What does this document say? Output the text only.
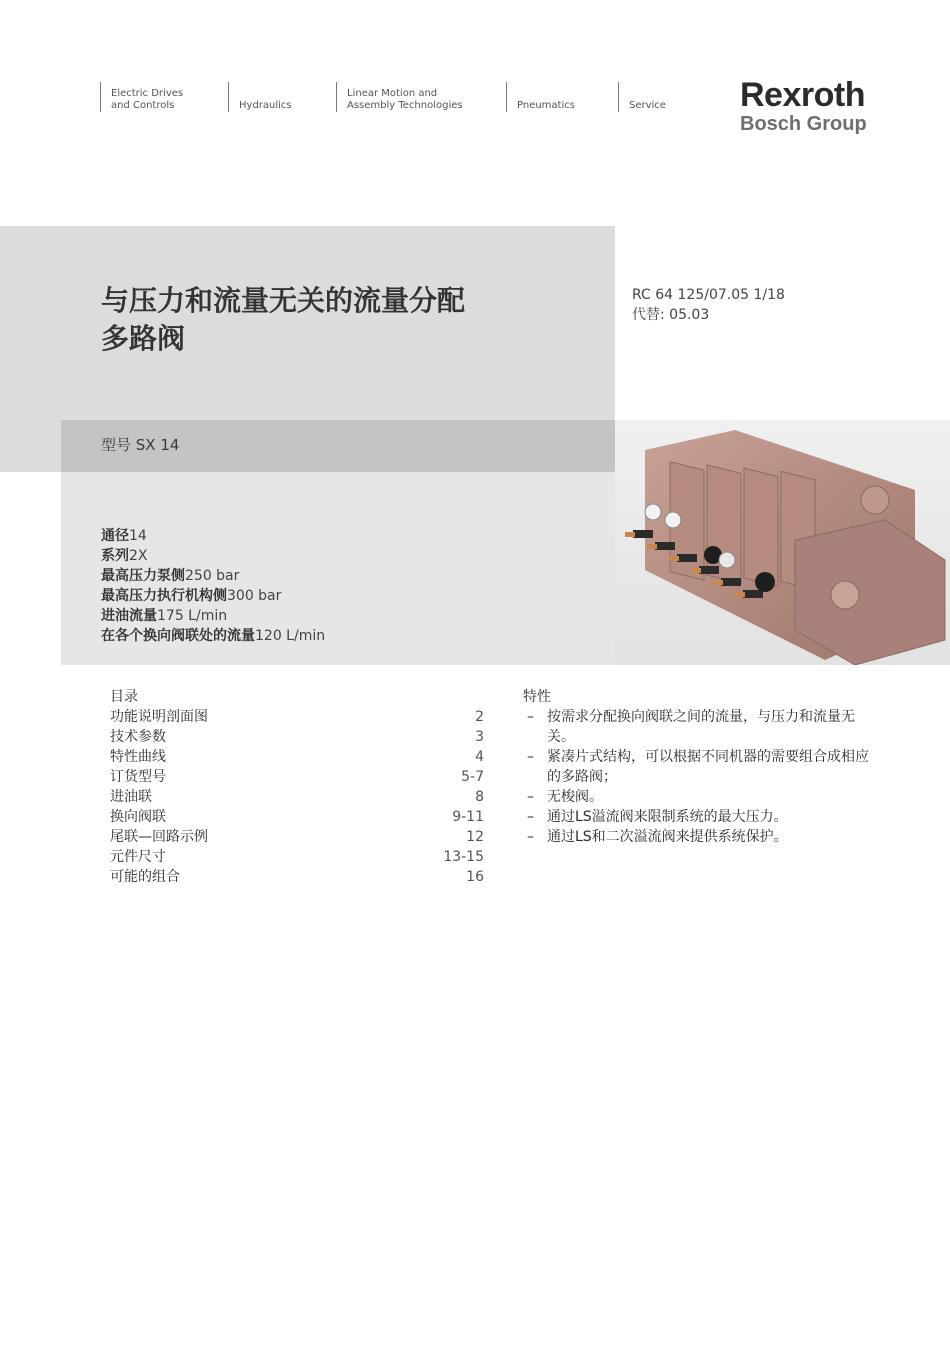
Electric Drives
and Controls	Hydraulics
Linear Motion and
Assembly Technologies	Pneumatics	Service Rexroth
Bosch Group
与压力和流量无关的流量分配
多路阀
RC 64 125/07.05 1/18
代替: 05.03
型号 SX 14
通径14
系列2X
最高压力泵侧250 bar
最高压力执行机构侧300 bar
进油流量175 L/min
在各个换向阀联处的流量120 L/min
目录
功能说明剖面图	2
技术参数	3
特性曲线	4
订货型号	5-7
进油联	8
换向阀联	9-11
尾联—回路示例	12
元件尺寸	13-15
可能的组合	16
特性
– 按需求分配换向阀联之间的流量，与压力和流量无关。
– 紧凑片式结构，可以根据不同机器的需要组合成相应的多路阀；
– 无梭阀。
– 通过LS溢流阀来限制系统的最大压力。
– 通过LS和二次溢流阀来提供系统保护。
